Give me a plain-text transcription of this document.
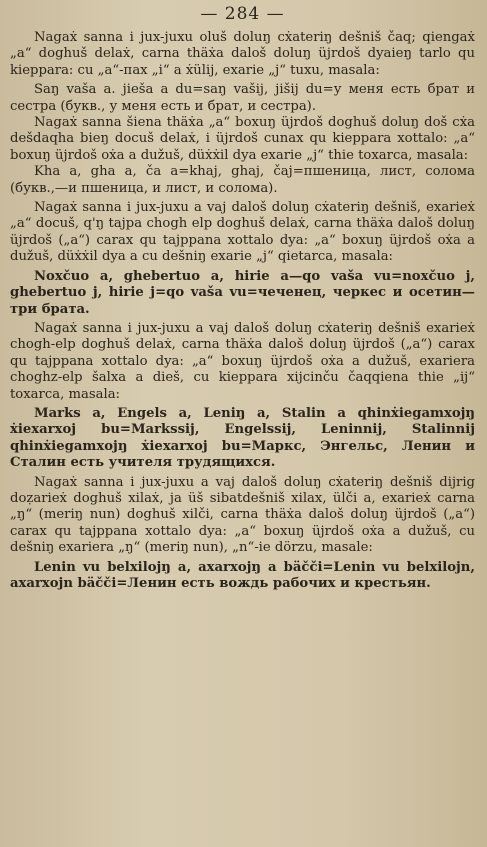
— 284 —

Nagaẋ sanna i jux-juxu oluš doluŋ cẋateriŋ dešniš čaq; qiengaẋ „a“ doghuš delaẋ, carna thäẋa daloš doluŋ üjrdoš dyaieŋ tarlo qu kieppara: cu „a“-пах „i“ a ẋülij, exarie „j“ tuxu, masala:

Saŋ vaša a. jieša a du=saŋ vašij, jišij du=у меня есть брат и сестра (букв., у меня есть и брат, и сестра).

Nagaẋ sanna šiena thäẋa „a“ boxuŋ üjrdoš doghuš doluŋ doš cẋa dešdaqha bieŋ docuš delaẋ, i üjrdoš cunax qu kieppara xottalo: „a“ boxuŋ üjrdoš oẋa a dužuš, düẋẋil dya exarie „j“ thie toxarca, masala:

Kha a, gha a, ča a=khaj, ghaj, čaj=пшеница, лист, солома (букв.,—и пшеница, и лист, и солома).

Nagaẋ sanna i jux-juxu a vaj daloš doluŋ cẋateriŋ dešniš, exarieẋ „a“ docuš, q'ŋ tajpa chogh elp doghuš delaẋ, carna thäẋa daloš doluŋ üjrdoš („a“) carax qu tajppana xottalo dya: „a“ boxuŋ üjrdoš oẋa a dužuš, düẋẋil dya a cu dešniŋ exarie „j“ qietarca, masala:

Noxčuo a, ghebertuo a, hirie a—qo vaša vu=noxčuo j, ghebertuo j, hirie j=qo vaša vu=чеченец, черкес и осетин—три брата.

Nagaẋ sanna i jux-juxu a vaj daloš doluŋ cẋateriŋ dešniš exarieẋ chogh-elp doghuš delaẋ, carna thäẋa daloš doluŋ üjrdoš („a“) carax qu tajppana xottalo dya: „a“ boxuŋ üjrdoš oẋa a dužuš, exariera choghz-elp šalxa a dieš, cu kieppara xijcinču čaqqiena thie „ij“ toxarca, masala:

Marks a, Engels a, Leniŋ a, Stalin a qhinẋiegamxojŋ ẋiexarxoj bu=Markssij, Engelssij, Leninnij, Stalinnij qhinẋiegamxojŋ ẋiexarxoj bu=Маркс, Энгельс, Ленин и Сталин есть учителя трудящихся.

Nagaẋ sanna i jux-juxu a vaj daloš doluŋ cẋateriŋ dešniš dijrig doẓarieẋ doghuš xilaẋ, ja üš sibatdešniš xilax, ülči a, exarieẋ carna „ŋ“ (meriŋ nun) doghuš xilči, carna thäẋa daloš doluŋ üjrdoš („a“) carax qu tajppana xottalo dya: „a“ boxuŋ üjrdoš oẋa a dužuš, cu dešniŋ exariera „ŋ“ (meriŋ nun), „n“-ie dörzu, masale:

Lenin vu belxilojŋ a, axarxojŋ a bäčči=Lenin vu belxilojn, axarxojn bäčči=Ленин есть вождь рабочих и крестьян.
